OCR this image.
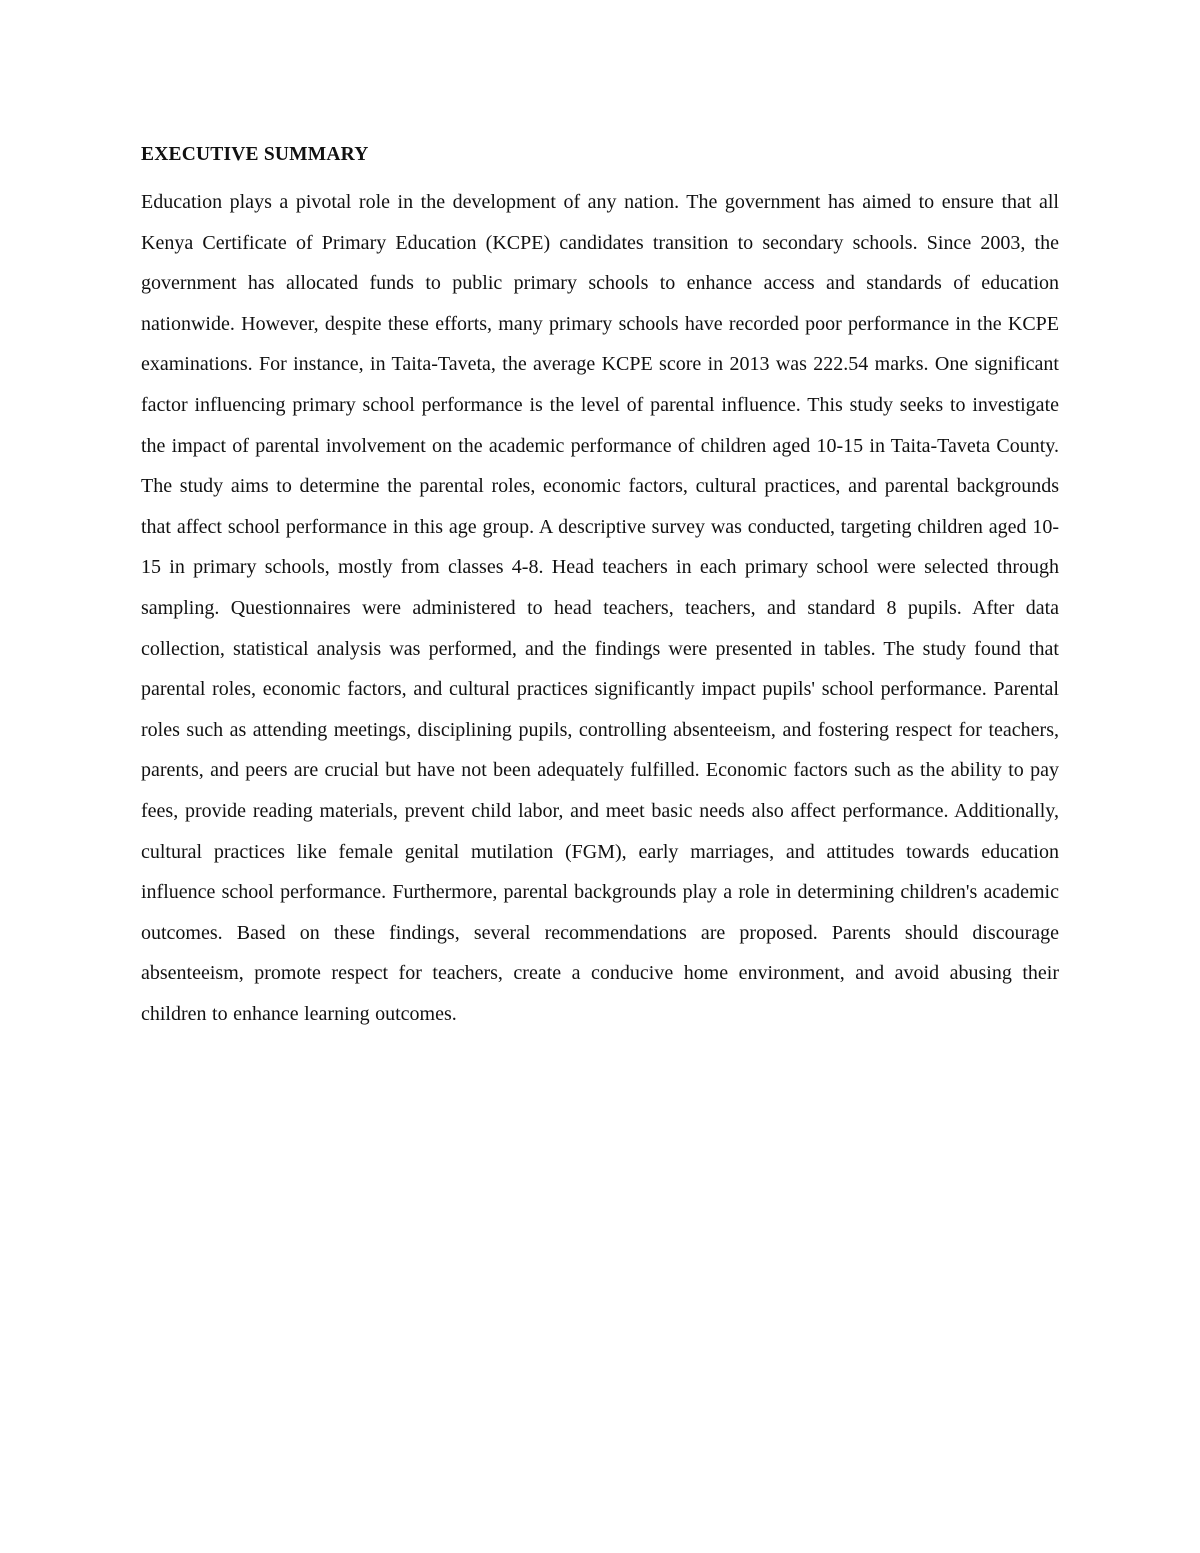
EXECUTIVE SUMMARY

Education plays a pivotal role in the development of any nation. The government has aimed to ensure that all Kenya Certificate of Primary Education (KCPE) candidates transition to secondary schools. Since 2003, the government has allocated funds to public primary schools to enhance access and standards of education nationwide. However, despite these efforts, many primary schools have recorded poor performance in the KCPE examinations. For instance, in Taita-Taveta, the average KCPE score in 2013 was 222.54 marks. One significant factor influencing primary school performance is the level of parental influence. This study seeks to investigate the impact of parental involvement on the academic performance of children aged 10-15 in Taita-Taveta County. The study aims to determine the parental roles, economic factors, cultural practices, and parental backgrounds that affect school performance in this age group. A descriptive survey was conducted, targeting children aged 10-15 in primary schools, mostly from classes 4-8. Head teachers in each primary school were selected through sampling. Questionnaires were administered to head teachers, teachers, and standard 8 pupils. After data collection, statistical analysis was performed, and the findings were presented in tables. The study found that parental roles, economic factors, and cultural practices significantly impact pupils' school performance. Parental roles such as attending meetings, disciplining pupils, controlling absenteeism, and fostering respect for teachers, parents, and peers are crucial but have not been adequately fulfilled. Economic factors such as the ability to pay fees, provide reading materials, prevent child labor, and meet basic needs also affect performance. Additionally, cultural practices like female genital mutilation (FGM), early marriages, and attitudes towards education influence school performance. Furthermore, parental backgrounds play a role in determining children's academic outcomes. Based on these findings, several recommendations are proposed. Parents should discourage absenteeism, promote respect for teachers, create a conducive home environment, and avoid abusing their children to enhance learning outcomes.
